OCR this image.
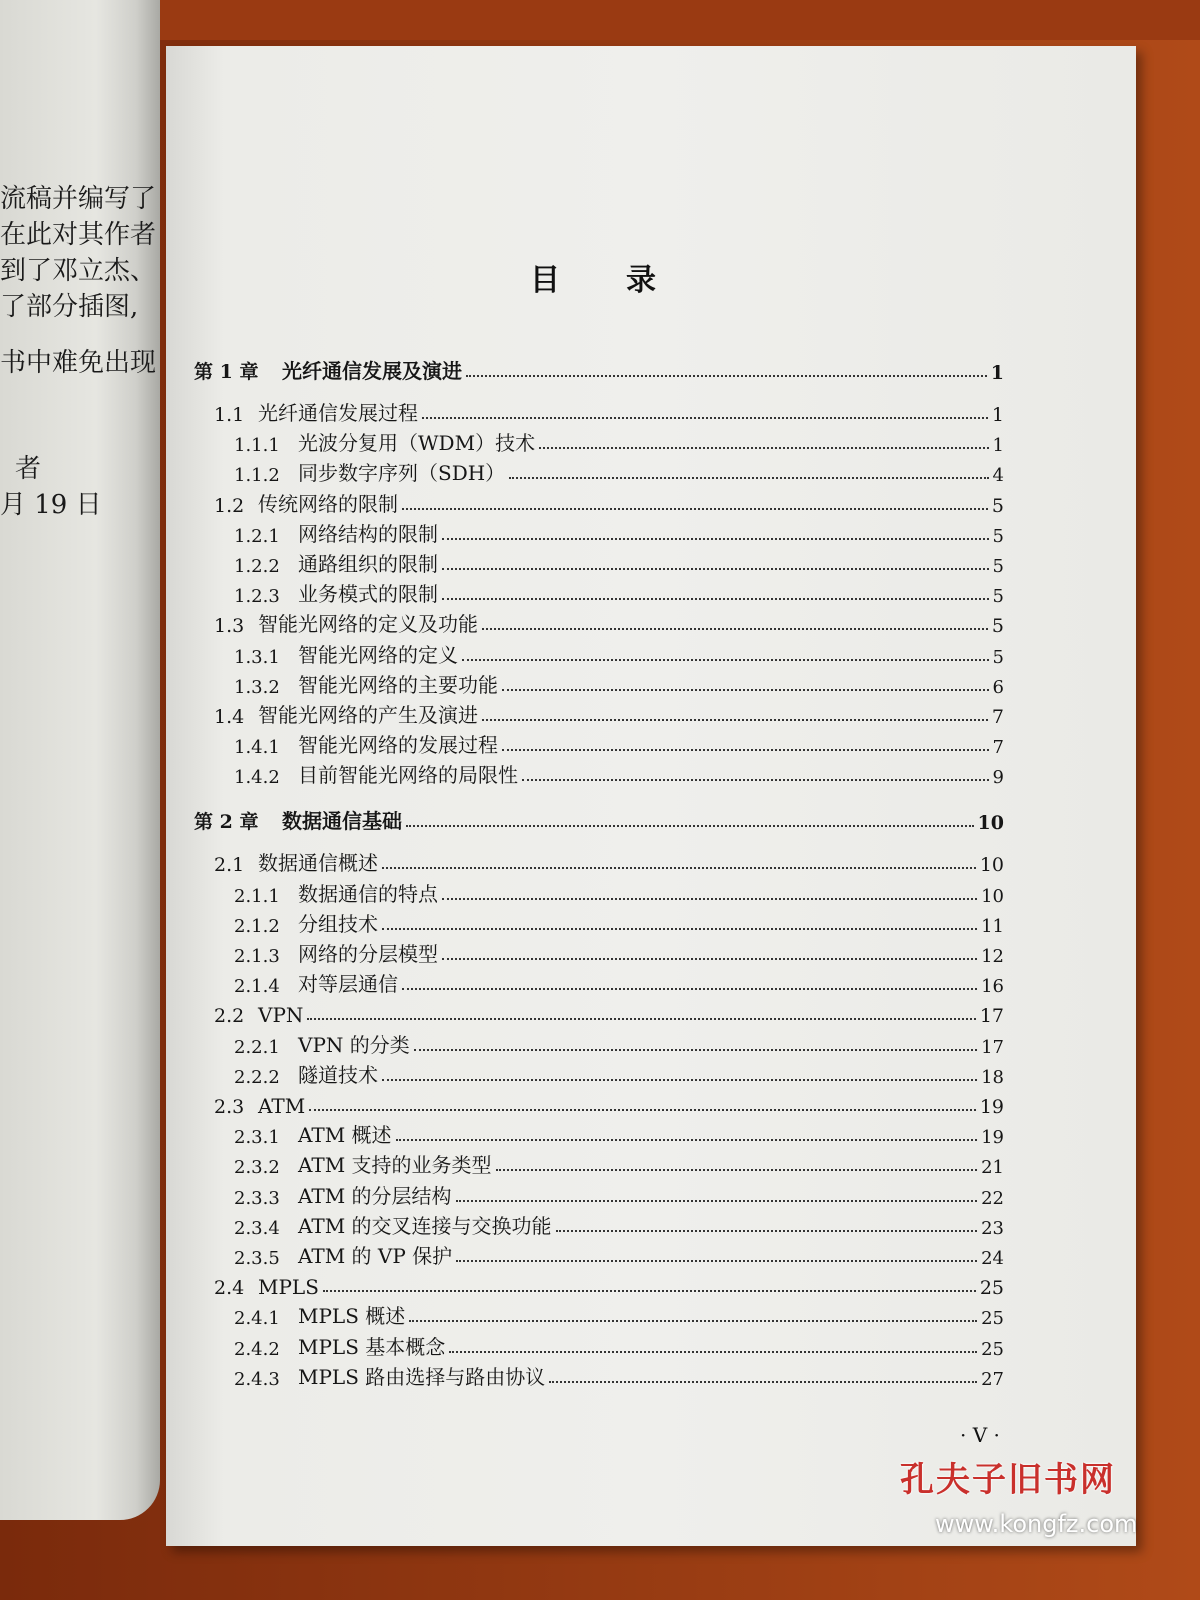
流稿并编写了
在此对其作者
到了邓立杰、
了部分插图,
书中难免出现
者
月 19 日
目录
第 1 章	光纤通信发展及演进	1
1.1 光纤通信发展过程	1
1.1.1 光波分复用（WDM）技术	1
1.1.2 同步数字序列（SDH）	4
1.2 传统网络的限制	5
1.2.1 网络结构的限制	5
1.2.2 通路组织的限制	5
1.2.3 业务模式的限制	5
1.3 智能光网络的定义及功能	5
1.3.1 智能光网络的定义	5
1.3.2 智能光网络的主要功能	6
1.4 智能光网络的产生及演进	7
1.4.1 智能光网络的发展过程	7
1.4.2 目前智能光网络的局限性	9
第 2 章	数据通信基础	10
2.1 数据通信概述	10
2.1.1 数据通信的特点	10
2.1.2 分组技术	11
2.1.3 网络的分层模型	12
2.1.4 对等层通信	16
2.2 VPN	17
2.2.1 VPN 的分类	17
2.2.2 隧道技术	18
2.3 ATM	19
2.3.1 ATM 概述	19
2.3.2 ATM 支持的业务类型	21
2.3.3 ATM 的分层结构	22
2.3.4 ATM 的交叉连接与交换功能	23
2.3.5 ATM 的 VP 保护	24
2.4 MPLS	25
2.4.1 MPLS 概述	25
2.4.2 MPLS 基本概念	25
2.4.3 MPLS 路由选择与路由协议	27
· V ·
孔夫子旧书网
www.kongfz.com
